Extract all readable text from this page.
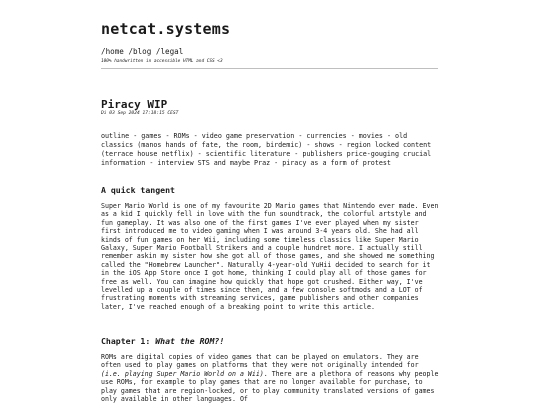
netcat.systems
/home /blog /legal
100% handwritten in accessible HTML and CSS <3
Piracy WIP
Di 03 Sep 2024 17:18:15 CEST
outline - games - ROMs - video game preservation - currencies - movies - old classics (manos hands of fate, the room, birdemic) - shows - region locked content (terrace house netflix) - scientific literature - publishers price-gouging crucial information - interview STS and maybe Praz - piracy as a form of protest
A quick tangent

Super Mario World is one of my favourite 2D Mario games that Nintendo ever made. Even as a kid I quickly fell in love with the fun soundtrack, the colorful artstyle and fun gameplay. It was also one of the first games I've ever played when my sister first introduced me to video gaming when I was around 3-4 years old. She had all kinds of fun games on her Wii, including some timeless classics like Super Mario Galaxy, Super Mario Football Strikers and a couple hundret more. I actually still remember askin my sister how she got all of those games, and she showed me something called the "Homebrew Launcher". Naturally 4-year-old YuHii decided to search for it in the iOS App Store once I got home, thinking I could play all of those games for free as well. You can imagine how quickly that hope got crushed. Either way, I've levelled up a couple of times since then, and a few console softmods and a LOT of frustrating moments with streaming services, game publishers and other companies later, I've reached enough of a breaking point to write this article.

Chapter 1: What the ROM?!

ROMs are digital copies of video games that can be played on emulators. They are often used to play games on platforms that they were not originally intended for (i.e. playing Super Mario World on a Wii). There are a plethora of reasons why people use ROMs, for example to play games that are no longer available for purchase, to play games that are region-locked, or to play community translated versions of games only available in other languages. Of
